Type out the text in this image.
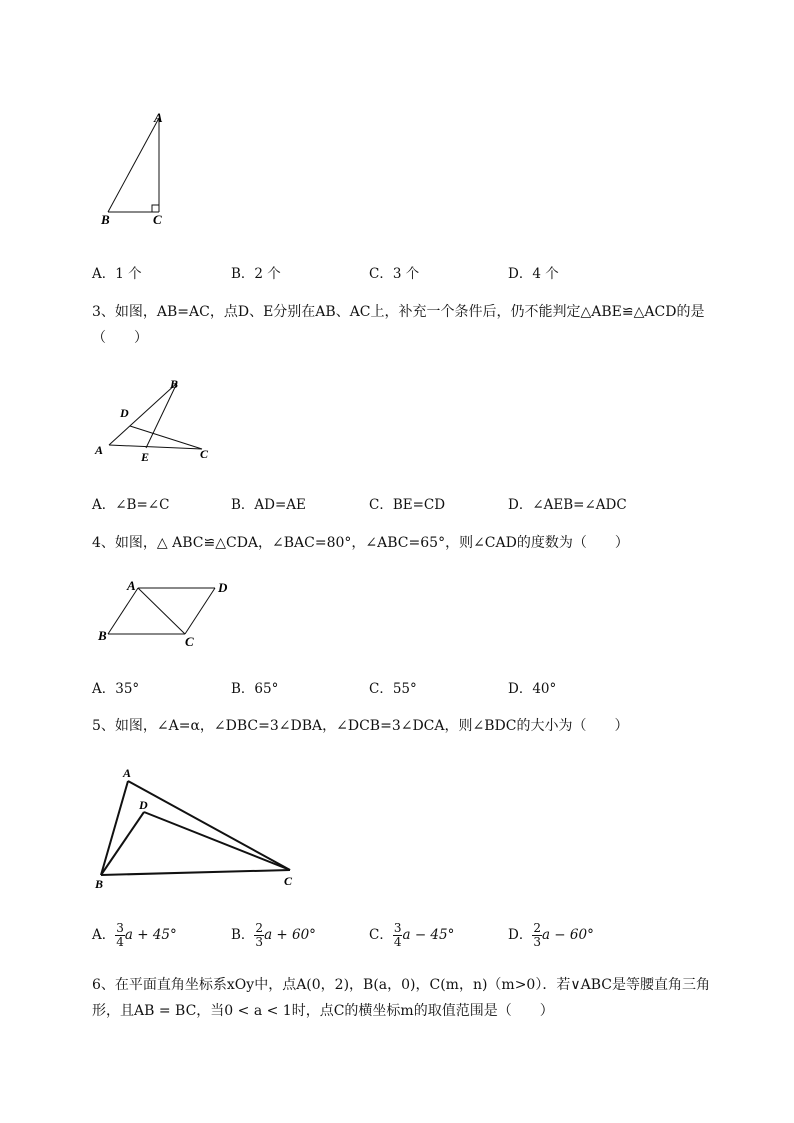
A
B	C
A．1 个	B．2 个	C．3 个	D．4 个
3、如图，AB=AC，点D、E分别在AB、AC上，补充一个条件后，仍不能判定△ABE≌△ACD的是
（　　）
B
D
A	E	C
A．∠B=∠C	B．AD=AE	C．BE=CD	D．∠AEB=∠ADC
4、如图，△ ABC≌△CDA，∠BAC=80°，∠ABC=65°，则∠CAD的度数为（　　）
A	D
B	C
A．35°	B．65°	C．55°	D．40°
5、如图，∠A=α，∠DBC=3∠DBA，∠DCB=3∠DCA，则∠BDC的大小为（　　）
A
D
B	C
A． $\frac{3}{4}$ a + 45°	B． $\frac{2}{3}$ a + 60°	C． $\frac{3}{4}$ a − 45°	D． $\frac{2}{3}$ a − 60°
6、在平面直角坐标系xOy中，点A(0，2)，B(a，0)，C(m，n)（m>0）．若∨ABC是等腰直角三角
形，且AB = BC，当0 < a < 1时，点C的横坐标m的取值范围是（　　）
